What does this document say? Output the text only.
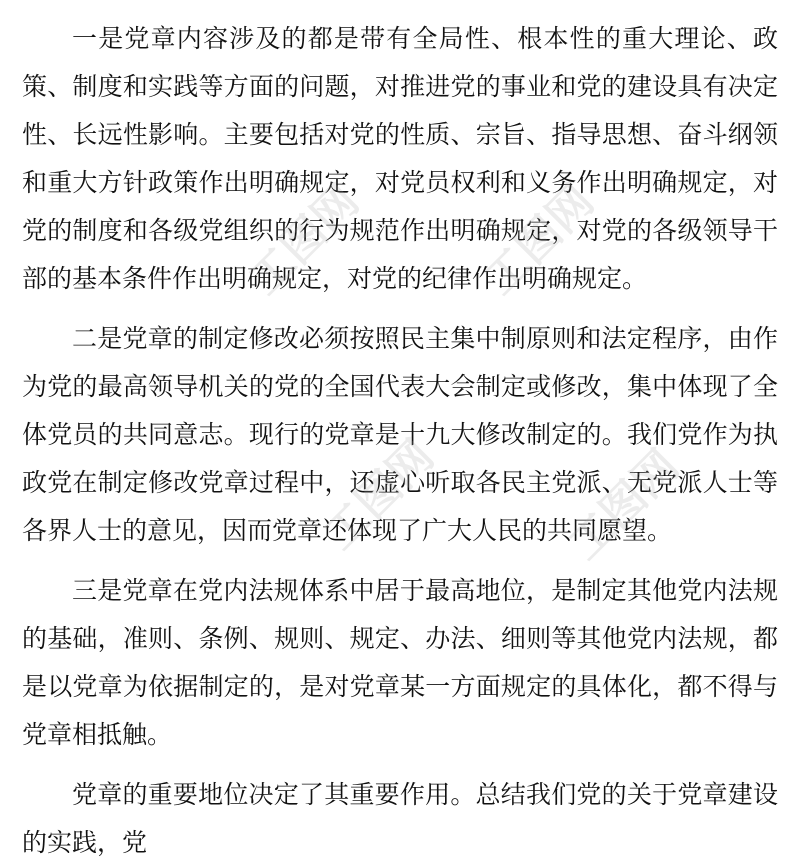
一是党章内容涉及的都是带有全局性、根本性的重大理论、政策、制度和实践等方面的问题，对推进党的事业和党的建设具有决定性、长远性影响。主要包括对党的性质、宗旨、指导思想、奋斗纲领和重大方针政策作出明确规定，对党员权利和义务作出明确规定，对党的制度和各级党组织的行为规范作出明确规定，对党的各级领导干部的基本条件作出明确规定，对党的纪律作出明确规定。

二是党章的制定修改必须按照民主集中制原则和法定程序，由作为党的最高领导机关的党的全国代表大会制定或修改，集中体现了全体党员的共同意志。现行的党章是十九大修改制定的。我们党作为执政党在制定修改党章过程中，还虚心听取各民主党派、无党派人士等各界人士的意见，因而党章还体现了广大人民的共同愿望。

三是党章在党内法规体系中居于最高地位，是制定其他党内法规的基础，准则、条例、规则、规定、办法、细则等其他党内法规，都是以党章为依据制定的，是对党章某一方面规定的具体化，都不得与党章相抵触。

党章的重要地位决定了其重要作用。总结我们党的关于党章建设的实践，党

工图网 工图网
工图网	工图网
